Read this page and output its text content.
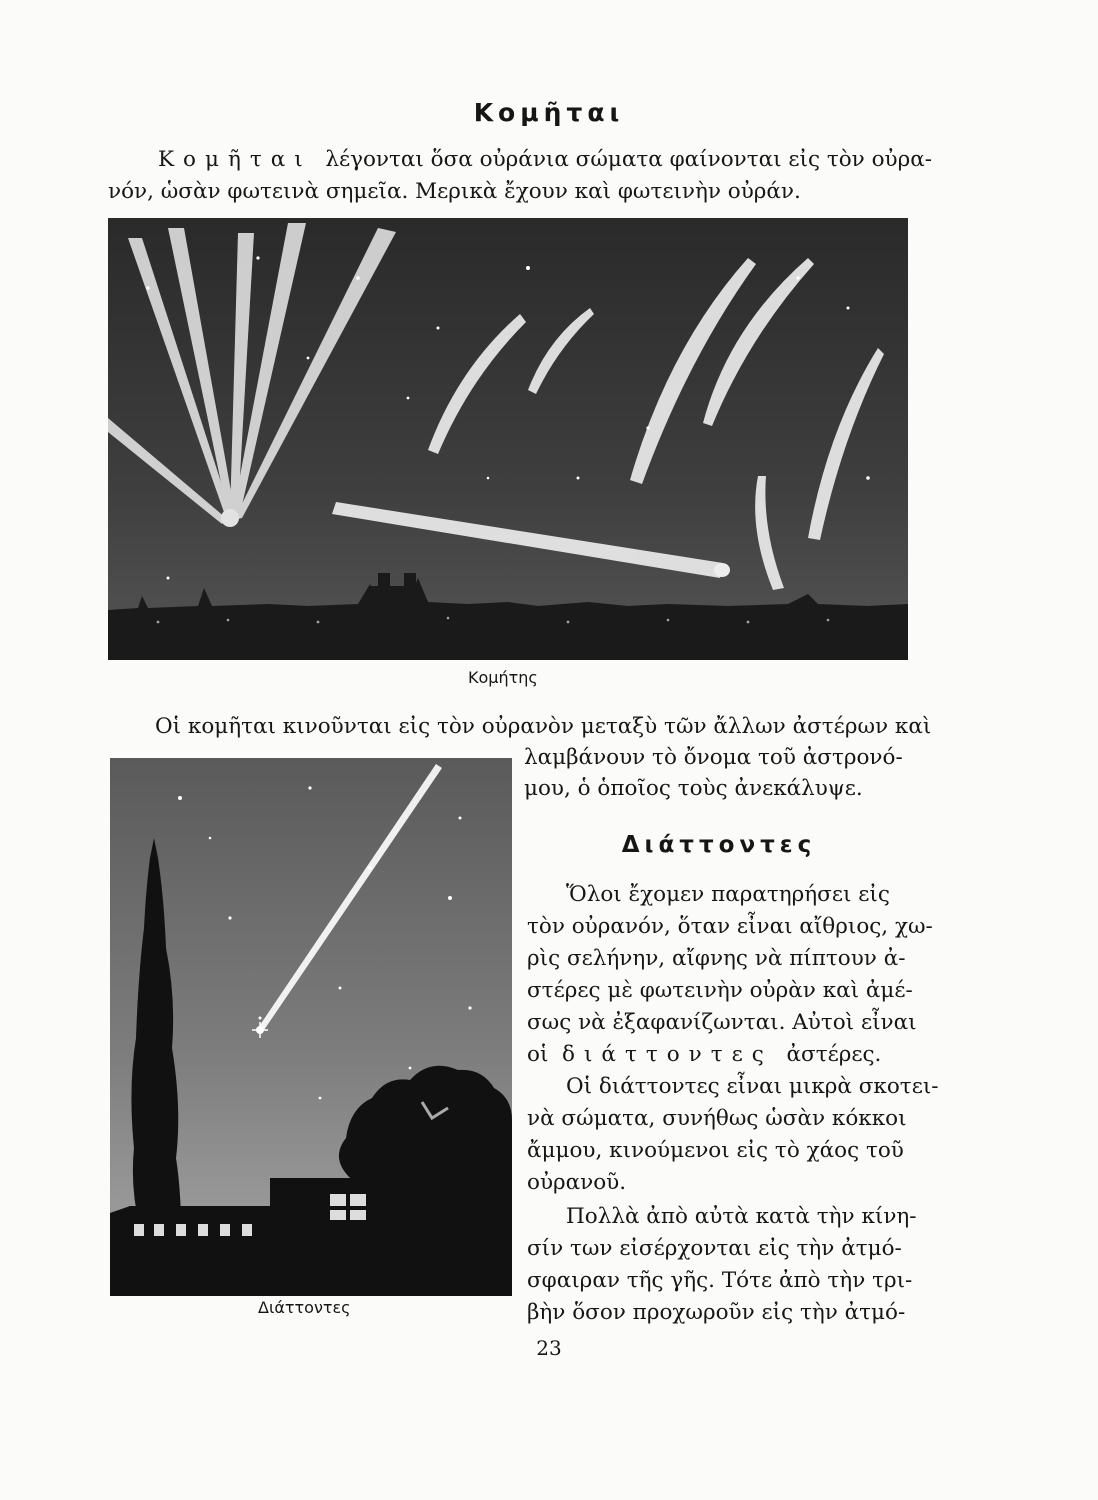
Κομῆται
Κομῆται λέγονται ὅσα οὐράνια σώματα φαίνονται εἰς τὸν οὐρα-
νόν, ὡσὰν φωτεινὰ σημεῖα. Μερικὰ ἔχουν καὶ φωτεινὴν οὐράν.
Κομήτης
Οἱ κομῆται κινοῦνται εἰς τὸν οὐρανὸν μεταξὺ τῶν ἄλλων ἀστέρων καὶ
λαμβάνουν τὸ ὄνομα τοῦ ἀστρονό-
μου, ὁ ὁποῖος τοὺς ἀνεκάλυψε.
Διάττοντες
Ὅλοι ἔχομεν παρατηρήσει εἰς
τὸν οὐρανόν, ὅταν εἶναι αἴθριος, χω-
ρὶς σελήνην, αἴφνης νὰ πίπτουν ἀ-
στέρες μὲ φωτεινὴν οὐρὰν καὶ ἀμέ-
σως νὰ ἐξαφανίζωνται. Αὐτοὶ εἶναι
οἱ διάττοντες ἀστέρες.
Οἱ διάττοντες εἶναι μικρὰ σκοτει-
νὰ σώματα, συνήθως ὡσὰν κόκκοι
ἄμμου, κινούμενοι εἰς τὸ χάος τοῦ
οὐρανοῦ.
Πολλὰ ἀπὸ αὐτὰ κατὰ τὴν κίνη-
σίν των εἰσέρχονται εἰς τὴν ἀτμό-
σφαιραν τῆς γῆς. Τότε ἀπὸ τὴν τρι-
βὴν ὅσον προχωροῦν εἰς τὴν ἀτμό-
Διάττοντες
23
